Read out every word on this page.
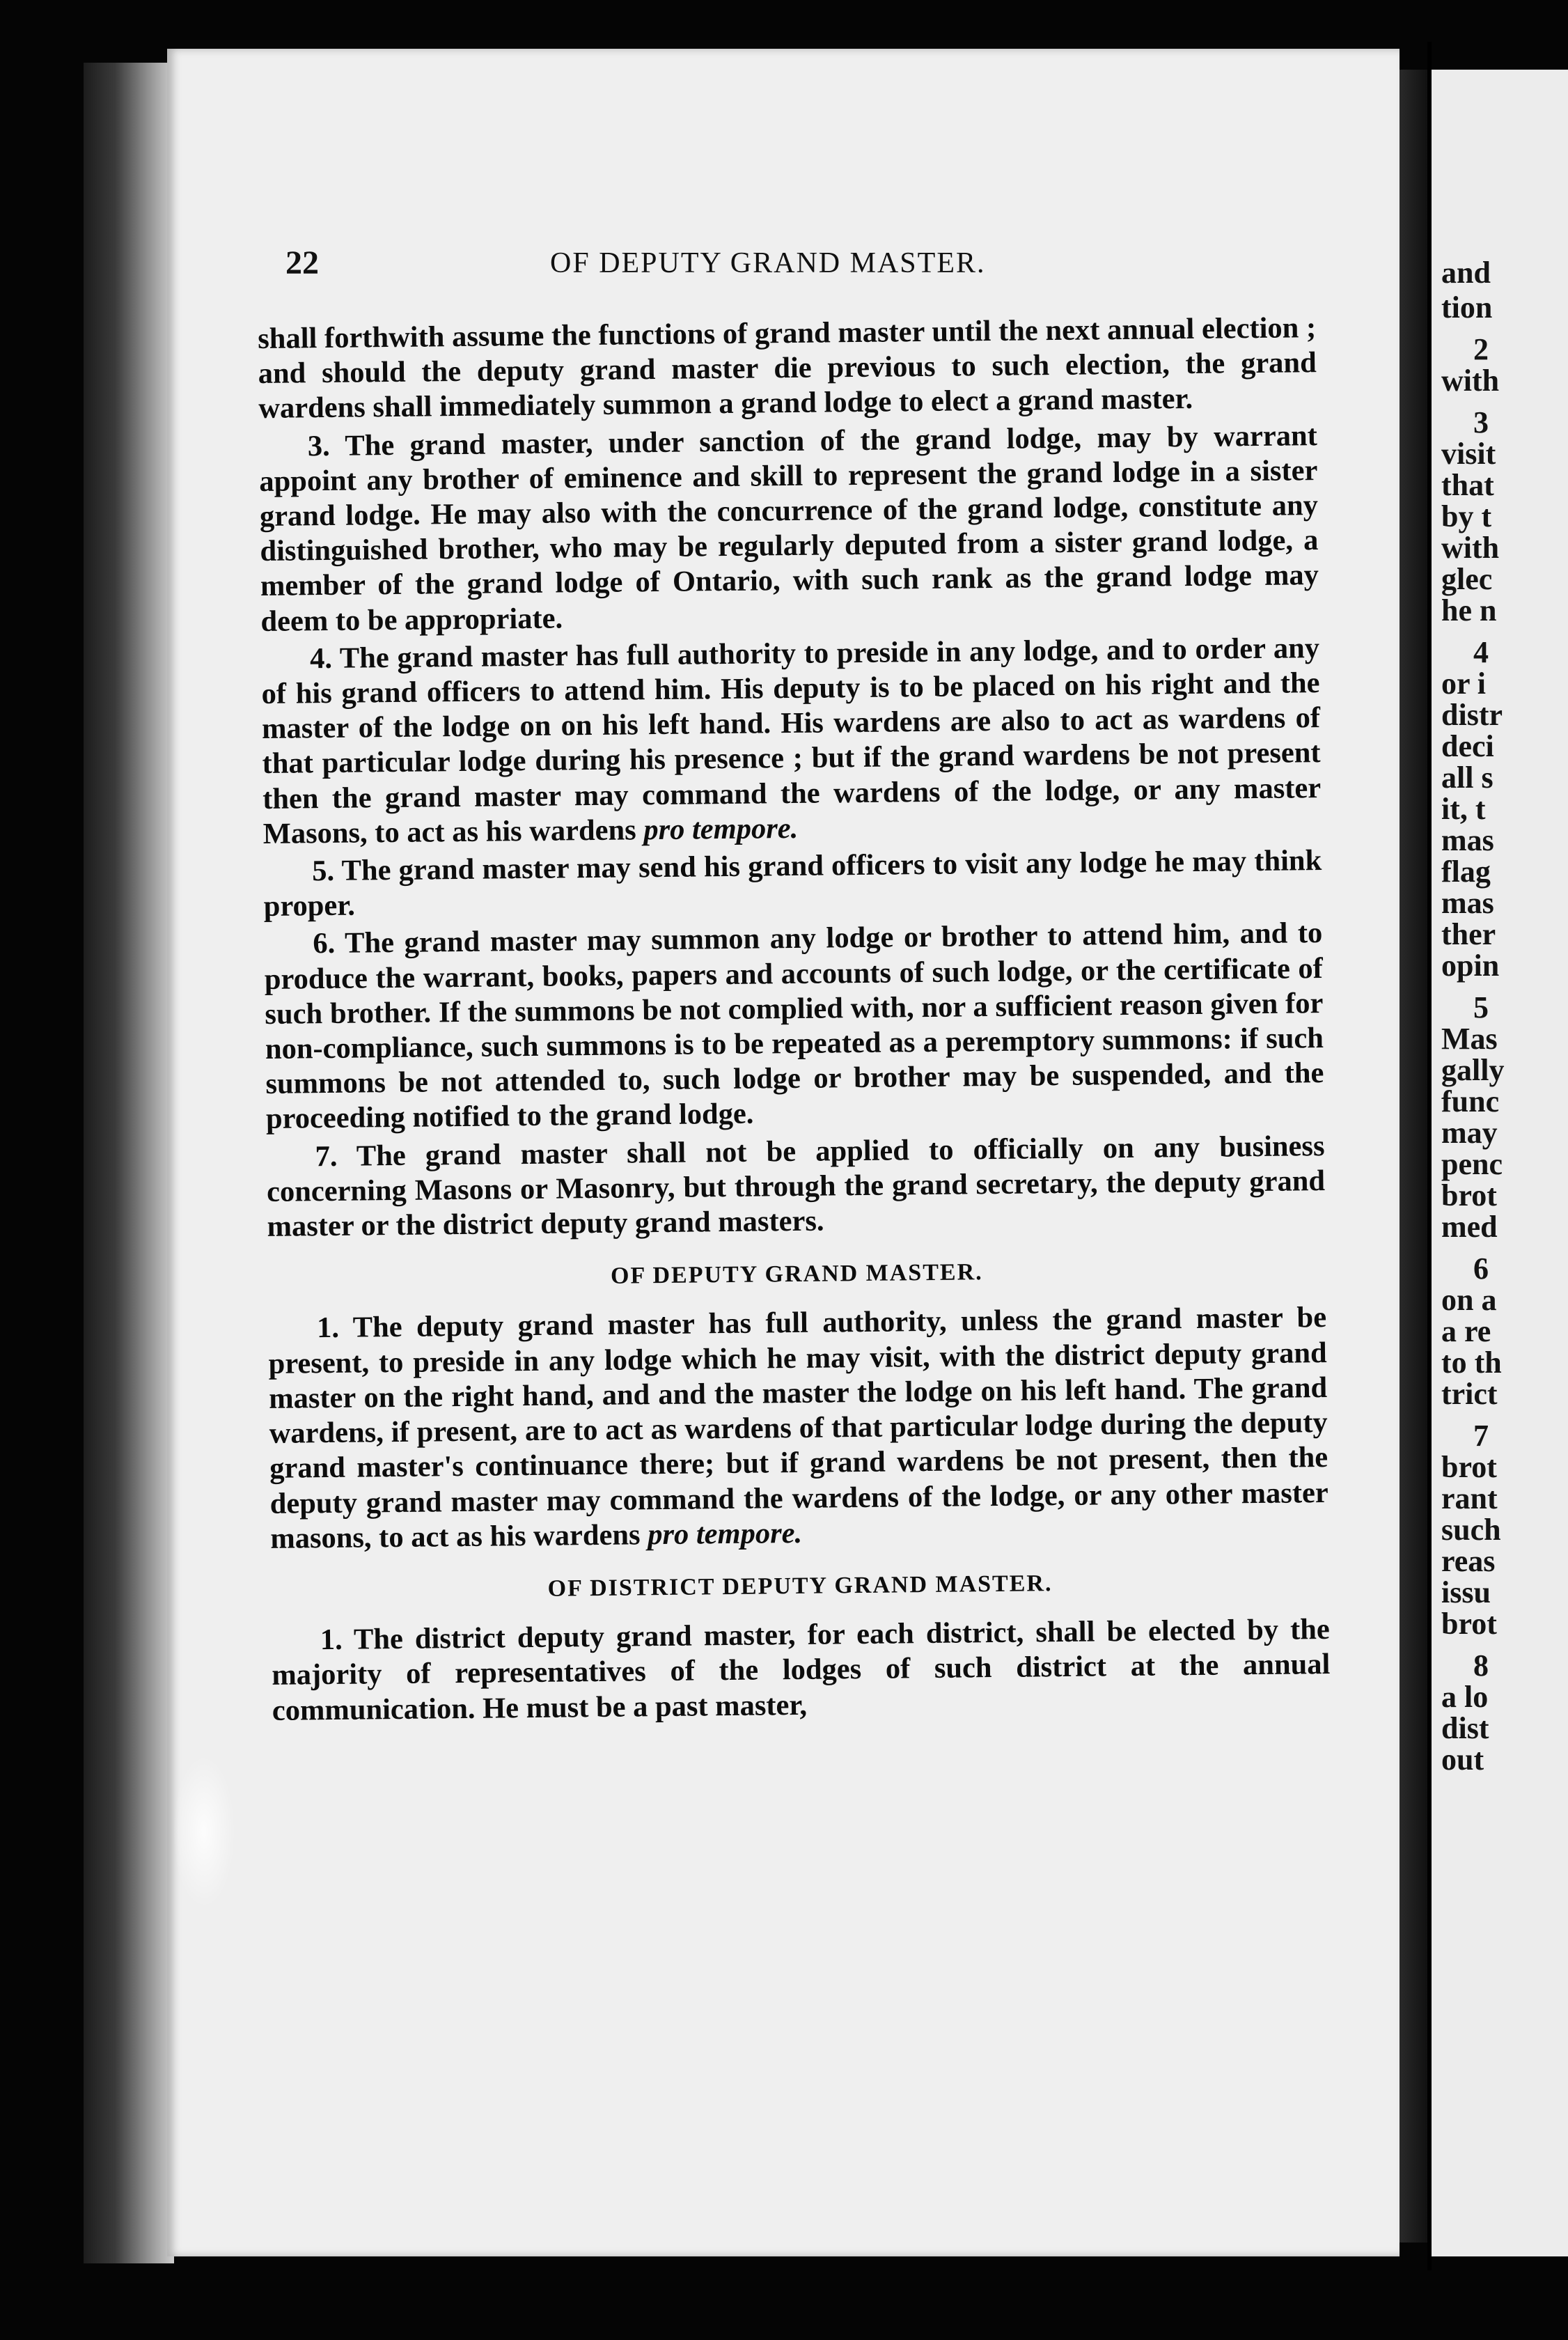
22	OF DEPUTY GRAND MASTER.

shall forthwith assume the functions of grand master until the next annual election ; and should the deputy grand master die previous to such election, the grand wardens shall immediately summon a grand lodge to elect a grand master.

3. The grand master, under sanction of the grand lodge, may by warrant appoint any brother of eminence and skill to represent the grand lodge in a sister grand lodge. He may also with the concurrence of the grand lodge, constitute any distinguished brother, who may be regularly deputed from a sister grand lodge, a member of the grand lodge of Ontario, with such rank as the grand lodge may deem to be appropriate.

4. The grand master has full authority to preside in any lodge, and to order any of his grand officers to attend him. His deputy is to be placed on his right and the master of the lodge on on his left hand. His wardens are also to act as wardens of that particular lodge during his presence ; but if the grand wardens be not present then the grand master may command the wardens of the lodge, or any master Masons, to act as his wardens pro tempore.

5. The grand master may send his grand officers to visit any lodge he may think proper.

6. The grand master may summon any lodge or brother to attend him, and to produce the warrant, books, papers and accounts of such lodge, or the certificate of such brother. If the summons be not complied with, nor a sufficient reason given for non-compliance, such summons is to be repeated as a peremptory summons: if such summons be not attended to, such lodge or brother may be suspended, and the proceeding notified to the grand lodge.

7. The grand master shall not be applied to officially on any business concerning Masons or Masonry, but through the grand secretary, the deputy grand master or the district deputy grand masters.

OF DEPUTY GRAND MASTER.

1. The deputy grand master has full authority, unless the grand master be present, to preside in any lodge which he may visit, with the district deputy grand master on the right hand, and and the master the lodge on his left hand. The grand wardens, if present, are to act as wardens of that particular lodge during the deputy grand master's continuance there; but if grand wardens be not present, then the deputy grand master may command the wardens of the lodge, or any other master masons, to act as his wardens pro tempore.

OF DISTRICT DEPUTY GRAND MASTER.

1. The district deputy grand master, for each district, shall be elected by the majority of representatives of the lodges of such district at the annual communication. He must be a past master,

and
tion
2
with
3
visit
that
by t
with
glec
he n
4
or i
distr
deci
all s
it, t
mas
flag
mas
ther
opin
5
Mas
gally
func
may
penc
brot
med
6
on a
a re
to th
trict
7
brot
rant
such
reas
issu
brot
8
a lo
dist
out
